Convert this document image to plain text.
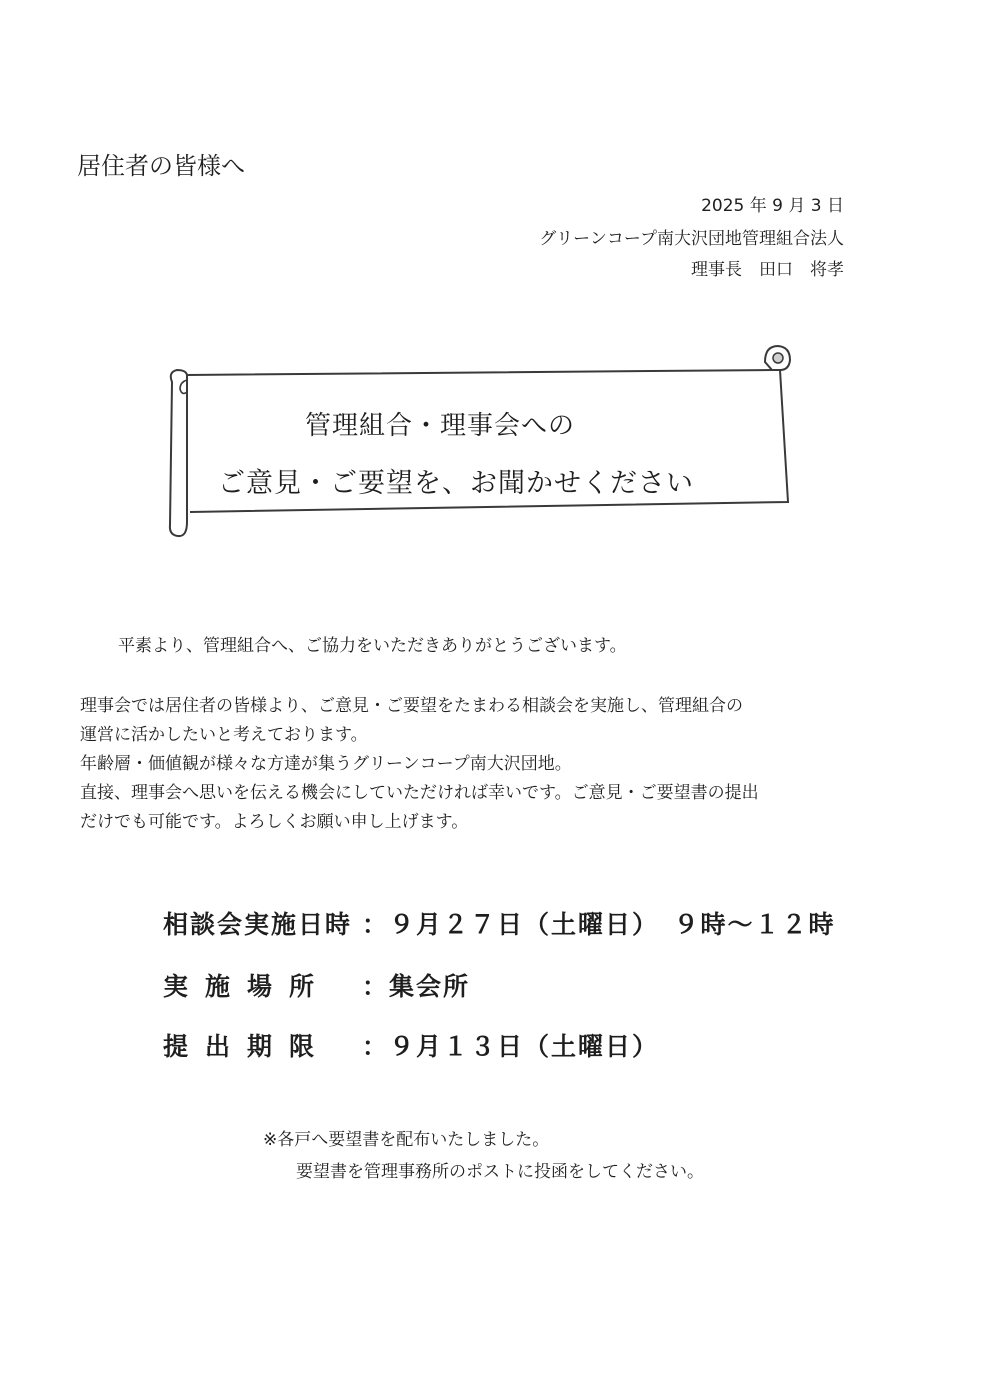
居住者の皆様へ
2025 年 9 月 3 日
グリーンコープ南大沢団地管理組合法人
理事長　田口　将孝
管理組合・理事会への
ご意見・ご要望を、お聞かせください
平素より、管理組合へ、ご協力をいただきありがとうございます。
理事会では居住者の皆様より、ご意見・ご要望をたまわる相談会を実施し、管理組合の
運営に活かしたいと考えております。
年齢層・価値観が様々な方達が集うグリーンコープ南大沢団地。
直接、理事会へ思いを伝える機会にしていただければ幸いです。ご意見・ご要望書の提出
だけでも可能です。よろしくお願い申し上げます。
相談会実施日時 ：９月２７日（土曜日）　９時～１２時
実施場所 ：集会所
提出期限 ：９月１３日（土曜日）
※各戸へ要望書を配布いたしました。
要望書を管理事務所のポストに投函をしてください。
